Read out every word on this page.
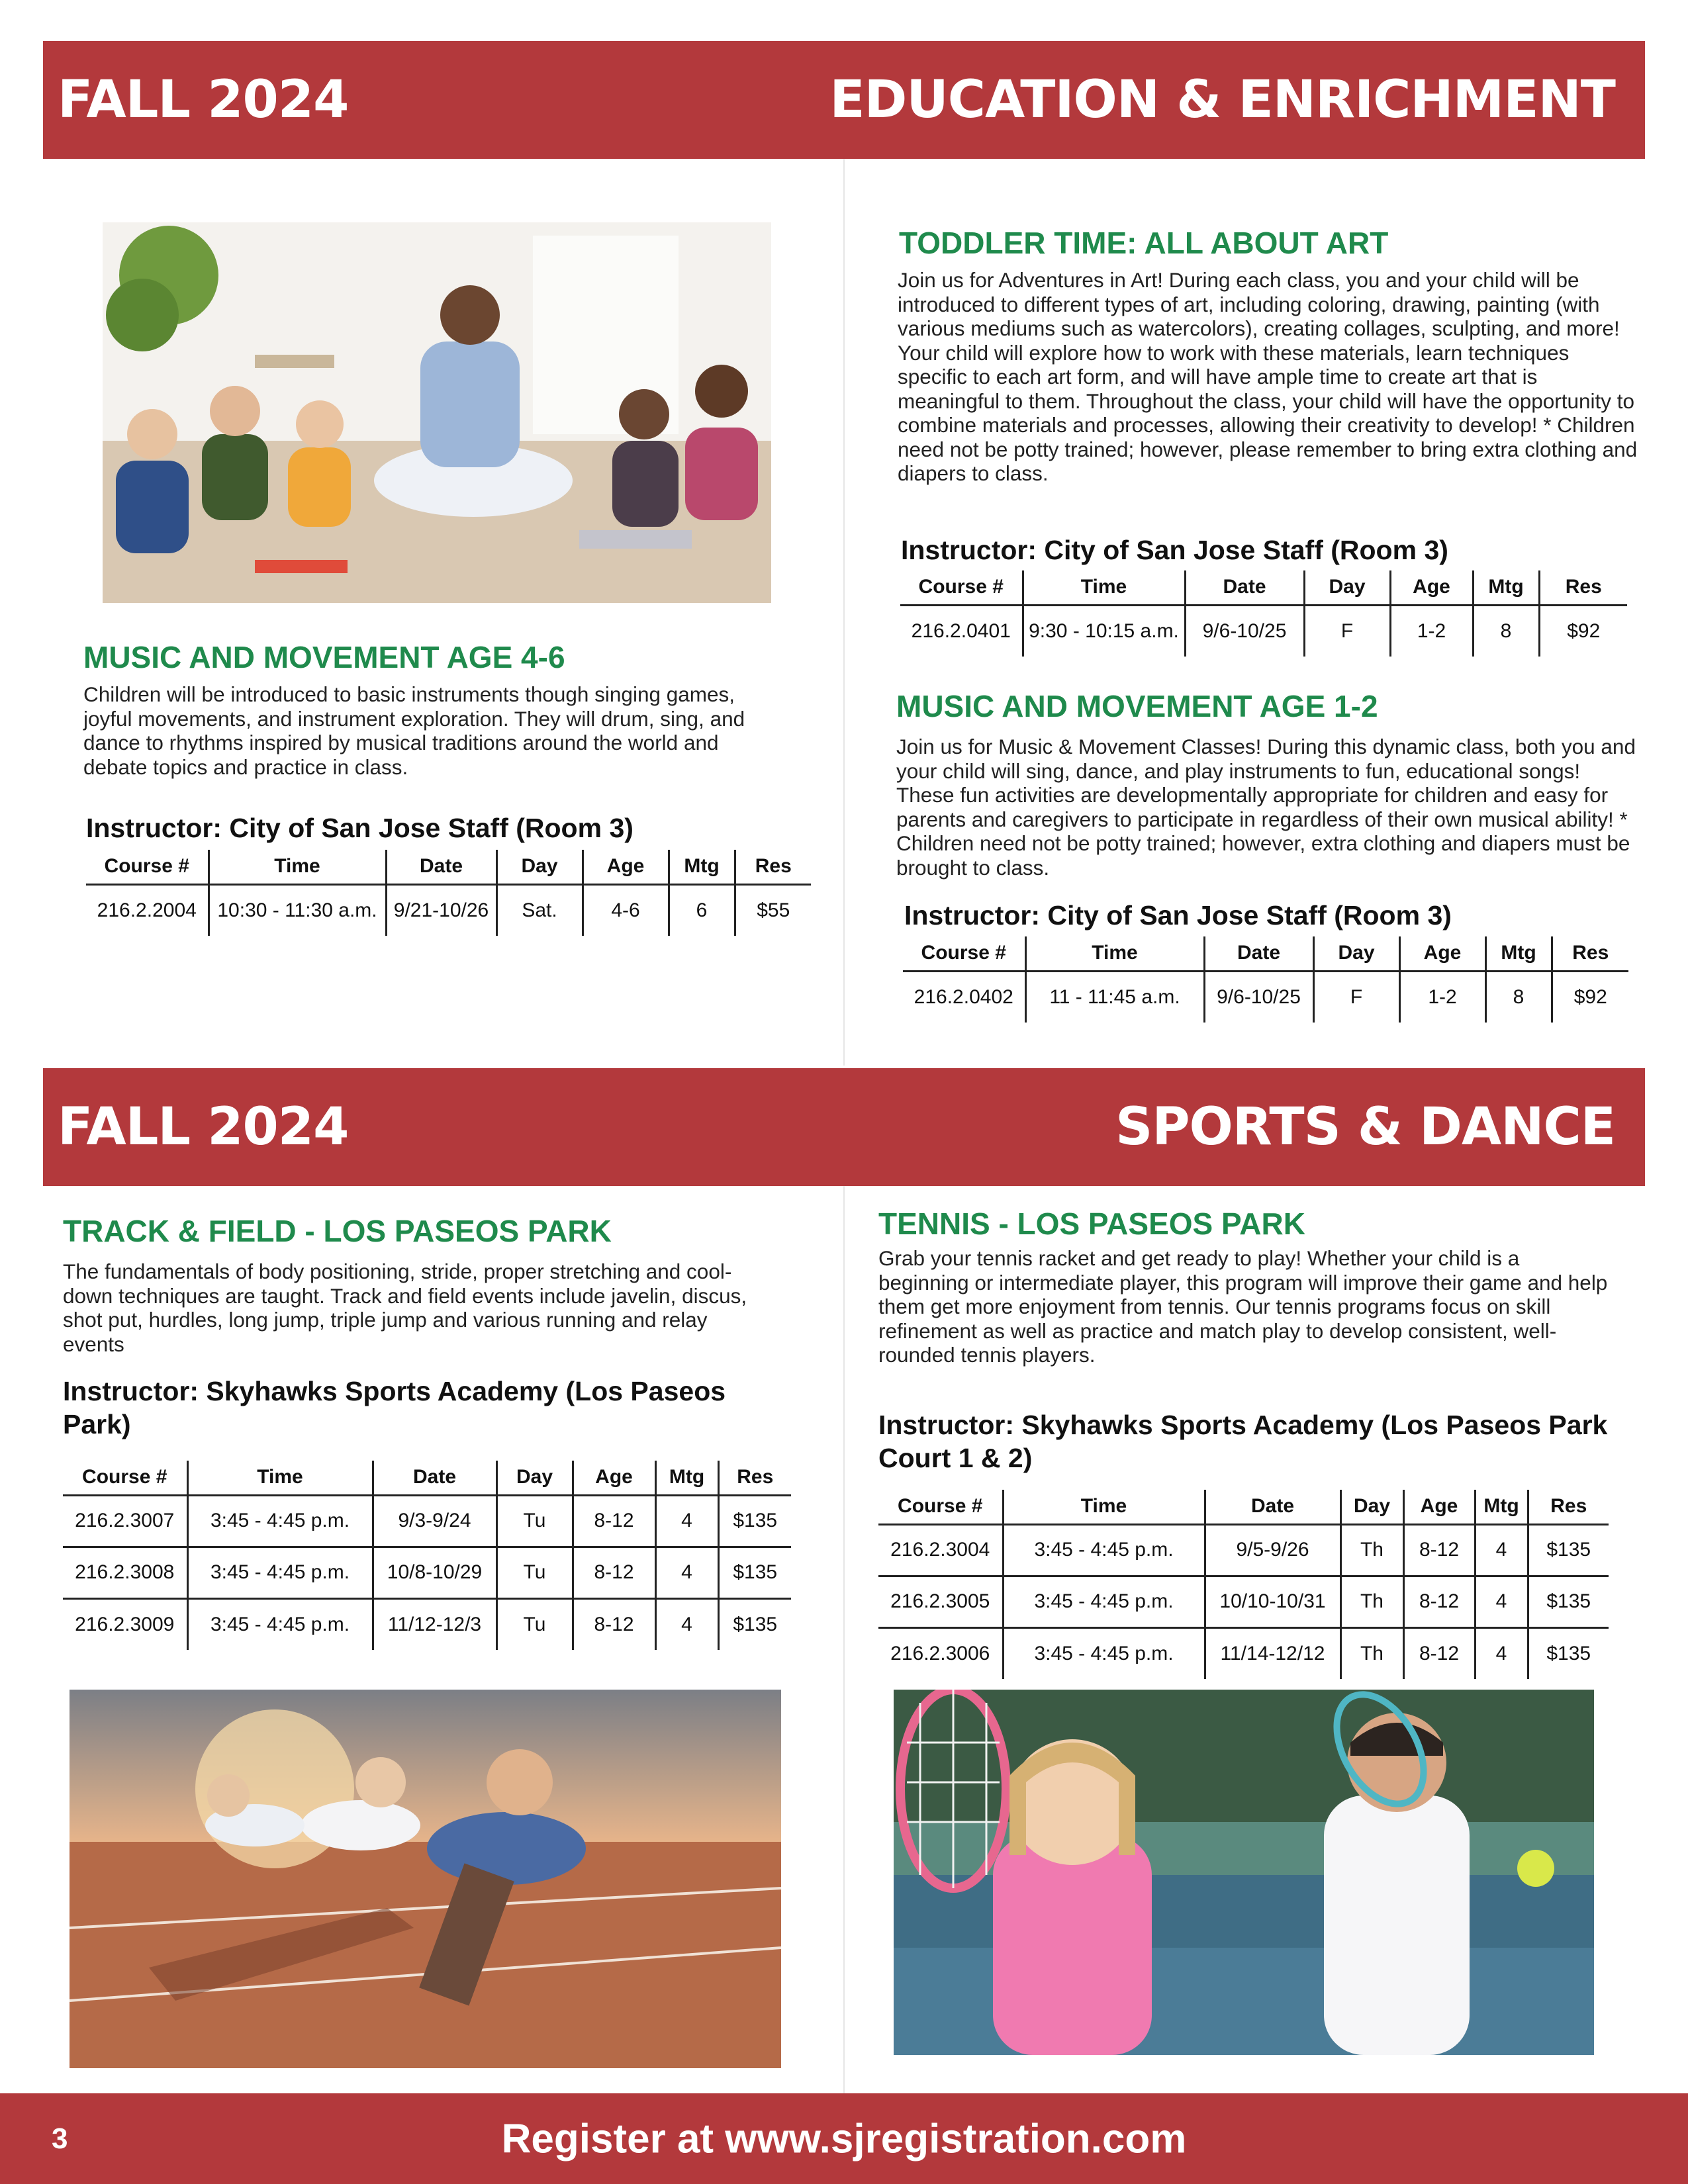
FALL 2024	EDUCATION & ENRICHMENT
MUSIC AND MOVEMENT AGE 4-6
Children will be introduced to basic instruments though singing games, joyful movements, and instrument exploration. They will drum, sing, and dance to rhythms inspired by musical traditions around the world and debate topics and practice in class.
Instructor: City of San Jose Staff (Room 3)
Course #	Time	Date	Day	Age	Mtg	Res
216.2.2004	10:30 - 11:30 a.m.	9/21-10/26	Sat.	4-6	6	$55
TODDLER TIME: ALL ABOUT ART
Join us for Adventures in Art! During each class, you and your child will be introduced to different types of art, including coloring, drawing, painting (with various mediums such as watercolors), creating collages, sculpting, and more! Your child will explore how to work with these materials, learn techniques specific to each art form, and will have ample time to create art that is meaningful to them. Throughout the class, your child will have the opportunity to combine materials and processes, allowing their creativity to develop! * Children need not be potty trained; however, please remember to bring extra clothing and diapers to class.
Instructor: City of San Jose Staff (Room 3)
Course #	Time	Date	Day	Age	Mtg	Res
216.2.0401	9:30 - 10:15 a.m.	9/6-10/25	F	1-2	8	$92
MUSIC AND MOVEMENT AGE 1-2
Join us for Music & Movement Classes! During this dynamic class, both you and your child will sing, dance, and play instruments to fun, educational songs! These fun activities are developmentally appropriate for children and easy for parents and caregivers to participate in regardless of their own musical ability! * Children need not be potty trained; however, extra clothing and diapers must be brought to class.
Instructor: City of San Jose Staff (Room 3)
Course #	Time	Date	Day	Age	Mtg	Res
216.2.0402	11 - 11:45 a.m.	9/6-10/25	F	1-2	8	$92
FALL 2024	SPORTS & DANCE
TRACK & FIELD - LOS PASEOS PARK
The fundamentals of body positioning, stride, proper stretching and cool-down techniques are taught. Track and field events include javelin, discus, shot put, hurdles, long jump, triple jump and various running and relay events
Instructor: Skyhawks Sports Academy (Los Paseos Park)
Course #	Time	Date	Day	Age	Mtg	Res
216.2.3007	3:45 - 4:45 p.m.	9/3-9/24	Tu	8-12	4	$135
216.2.3008	3:45 - 4:45 p.m.	10/8-10/29	Tu	8-12	4	$135
216.2.3009	3:45 - 4:45 p.m.	11/12-12/3	Tu	8-12	4	$135
TENNIS - LOS PASEOS PARK
Grab your tennis racket and get ready to play! Whether your child is a beginning or intermediate player, this program will improve their game and help them get more enjoyment from tennis. Our tennis programs focus on skill refinement as well as practice and match play to develop consistent, well-rounded tennis players.
Instructor: Skyhawks Sports Academy (Los Paseos Park Court 1 & 2)
Course #	Time	Date	Day	Age	Mtg	Res
216.2.3004	3:45 - 4:45 p.m.	9/5-9/26	Th	8-12	4	$135
216.2.3005	3:45 - 4:45 p.m.	10/10-10/31	Th	8-12	4	$135
216.2.3006	3:45 - 4:45 p.m.	11/14-12/12	Th	8-12	4	$135
3	Register at www.sjregistration.com
